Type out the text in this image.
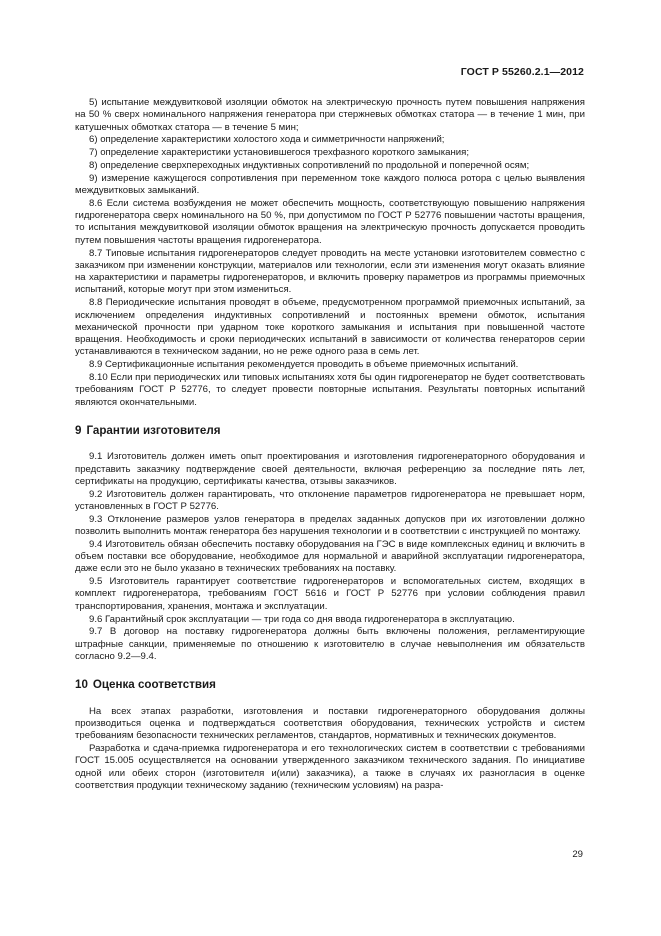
ГОСТ Р 55260.2.1—2012

5) испытание междувитковой изоляции обмоток на электрическую прочность путем повышения напряжения на 50 % сверх номинального напряжения генератора при стержневых обмотках статора — в течение 1 мин, при катушечных обмотках статора — в течение 5 мин;

6) определение характеристики холостого хода и симметричности напряжений;

7) определение характеристики установившегося трехфазного короткого замыкания;

8) определение сверхпереходных индуктивных сопротивлений по продольной и поперечной осям;

9) измерение кажущегося сопротивления при переменном токе каждого полюса ротора с целью выявления междувитковых замыканий.

8.6 Если система возбуждения не может обеспечить мощность, соответствующую повышению напряжения гидрогенератора сверх номинального на 50 %, при допустимом по ГОСТ Р 52776 повышении частоты вращения, то испытания междувитковой изоляции обмоток вращения на электрическую прочность допускается проводить путем повышения частоты вращения гидрогенератора.

8.7 Типовые испытания гидрогенераторов следует проводить на месте установки изготовителем совместно с заказчиком при изменении конструкции, материалов или технологии, если эти изменения могут оказать влияние на характеристики и параметры гидрогенераторов, и включить проверку параметров из программы приемочных испытаний, которые могут при этом измениться.

8.8 Периодические испытания проводят в объеме, предусмотренном программой приемочных испытаний, за исключением определения индуктивных сопротивлений и постоянных времени обмоток, испытания механической прочности при ударном токе короткого замыкания и испытания при повышенной частоте вращения. Необходимость и сроки периодических испытаний в зависимости от количества генераторов серии устанавливаются в техническом задании, но не реже одного раза в семь лет.

8.9 Сертификационные испытания рекомендуется проводить в объеме приемочных испытаний.

8.10 Если при периодических или типовых испытаниях хотя бы один гидрогенератор не будет соответствовать требованиям ГОСТ Р 52776, то следует провести повторные испытания. Результаты повторных испытаний являются окончательными.

9 Гарантии изготовителя

9.1 Изготовитель должен иметь опыт проектирования и изготовления гидрогенераторного оборудования и представить заказчику подтверждение своей деятельности, включая референцию за последние пять лет, сертификаты на продукцию, сертификаты качества, отзывы заказчиков.

9.2 Изготовитель должен гарантировать, что отклонение параметров гидрогенератора не превышает норм, установленных в ГОСТ Р 52776.

9.3 Отклонение размеров узлов генератора в пределах заданных допусков при их изготовлении должно позволить выполнить монтаж генератора без нарушения технологии и в соответствии с инструкцией по монтажу.

9.4 Изготовитель обязан обеспечить поставку оборудования на ГЭС в виде комплексных единиц и включить в объем поставки все оборудование, необходимое для нормальной и аварийной эксплуатации гидрогенератора, даже если это не было указано в технических требованиях на поставку.

9.5 Изготовитель гарантирует соответствие гидрогенераторов и вспомогательных систем, входящих в комплект гидрогенератора, требованиям ГОСТ 5616 и ГОСТ Р 52776 при условии соблюдения правил транспортирования, хранения, монтажа и эксплуатации.

9.6 Гарантийный срок эксплуатации — три года со дня ввода гидрогенератора в эксплуатацию.

9.7 В договор на поставку гидрогенератора должны быть включены положения, регламентирующие штрафные санкции, применяемые по отношению к изготовителю в случае невыполнения им обязательств согласно 9.2—9.4.

10 Оценка соответствия

На всех этапах разработки, изготовления и поставки гидрогенераторного оборудования должны производиться оценка и подтверждаться соответствия оборудования, технических устройств и систем требованиям безопасности технических регламентов, стандартов, нормативных и технических документов.

Разработка и сдача-приемка гидрогенератора и его технологических систем в соответствии с требованиями ГОСТ 15.005 осуществляется на основании утвержденного заказчиком технического задания. По инициативе одной или обеих сторон (изготовителя и(или) заказчика), а также в случаях их разногласия в оценке соответствия продукции техническому заданию (техническим условиям) на разра-

29
